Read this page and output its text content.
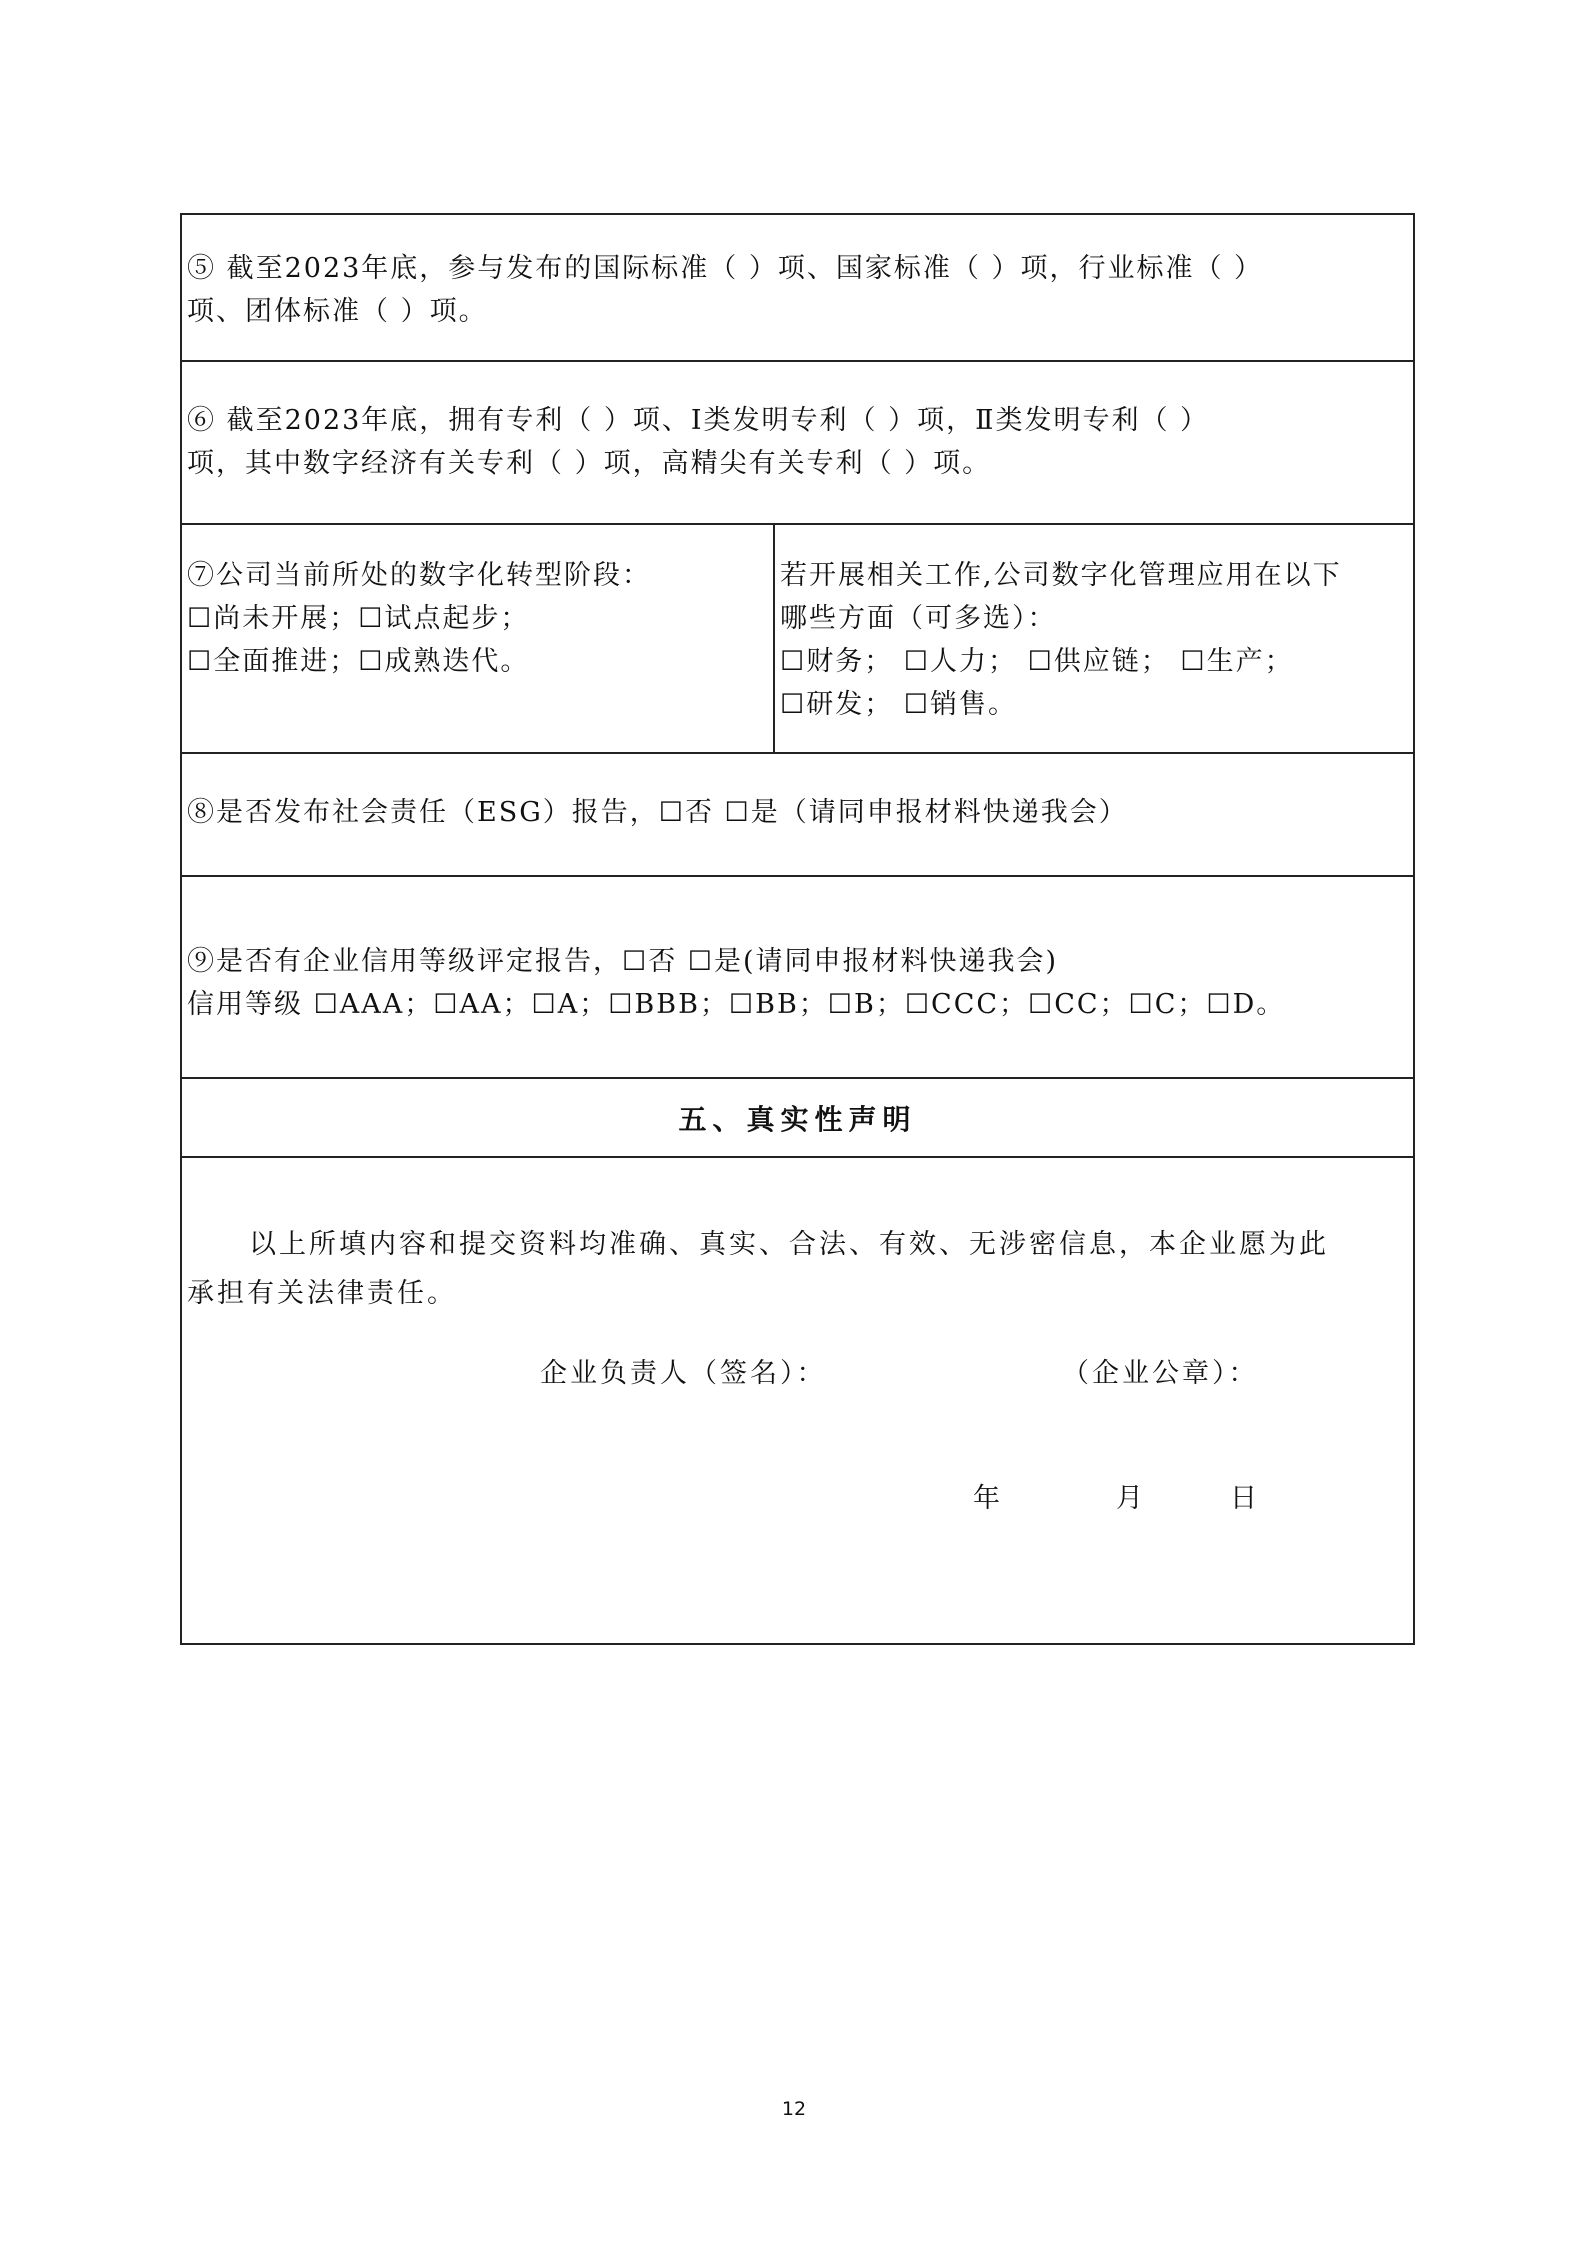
⑤ 截至2023年底，参与发布的国际标准（ ）项、国家标准（ ）项，行业标准（ ）
项、团体标准（ ）项。
⑥ 截至2023年底，拥有专利（ ）项、Ⅰ类发明专利（ ）项，Ⅱ类发明专利（ ）
项，其中数字经济有关专利（ ）项，高精尖有关专利（ ）项。
⑦公司当前所处的数字化转型阶段：
☐尚未开展；☐试点起步；
☐全面推进；☐成熟迭代。
若开展相关工作,公司数字化管理应用在以下
哪些方面（可多选）：
☐财务； ☐人力； ☐供应链； ☐生产；
☐研发； ☐销售。
⑧是否发布社会责任（ESG）报告，☐否 ☐是（请同申报材料快递我会）
⑨是否有企业信用等级评定报告，☐否 ☐是(请同申报材料快递我会)
信用等级 ☐AAA；☐AA；☐A；☐BBB；☐BB；☐B；☐CCC；☐CC；☐C；☐D。
五、真实性声明
以上所填内容和提交资料均准确、真实、合法、有效、无涉密信息，本企业愿为此
承担有关法律责任。
企业负责人（签名）：	（企业公章）：
年	月	日
12
